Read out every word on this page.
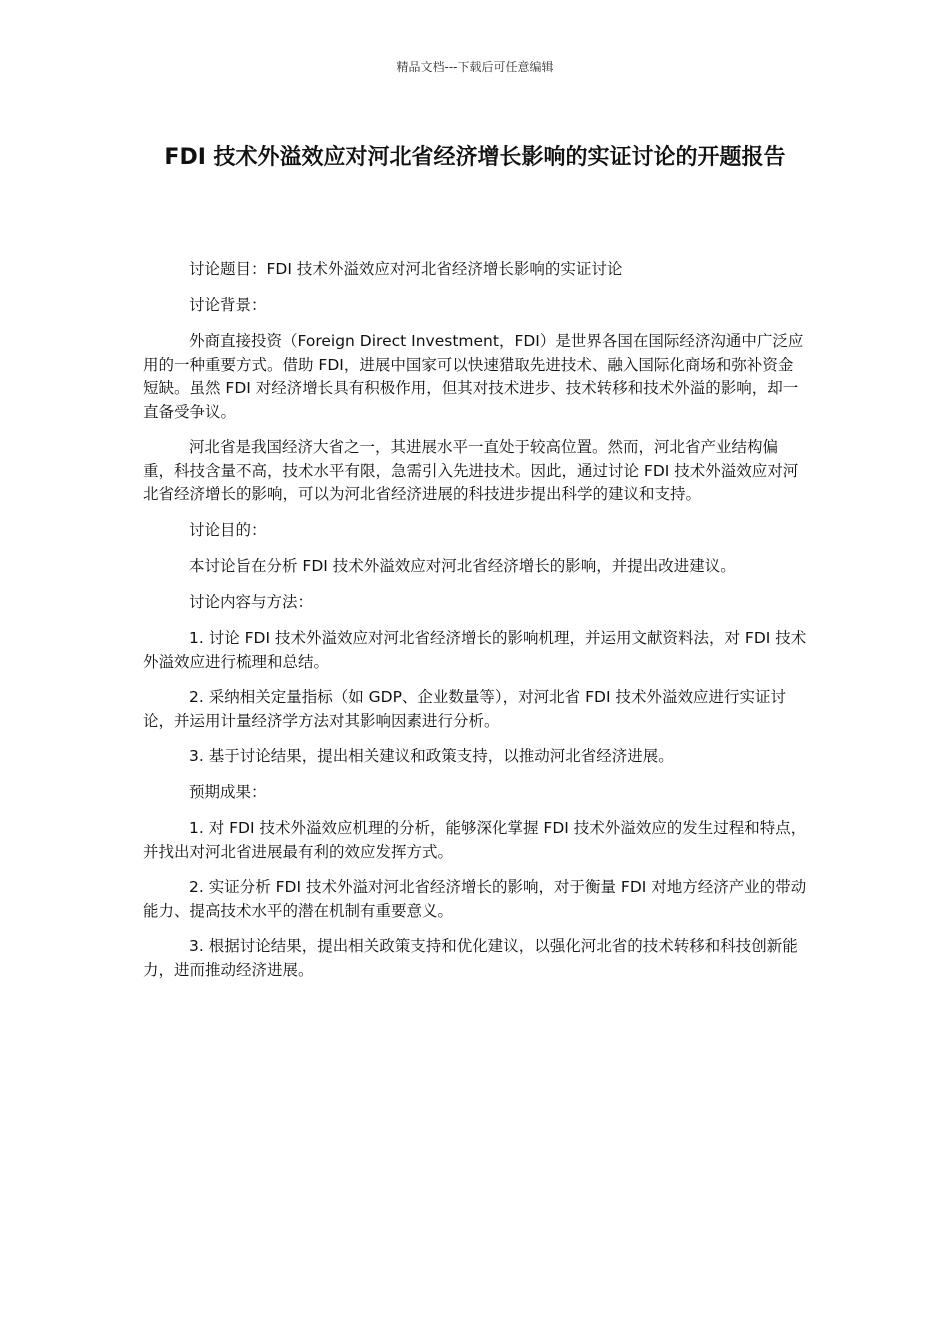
精品文档---下载后可任意编辑
FDI 技术外溢效应对河北省经济增长影响的实证讨论的开题报告

讨论题目：FDI 技术外溢效应对河北省经济增长影响的实证讨论

讨论背景：

外商直接投资（Foreign Direct Investment，FDI）是世界各国在国际经济沟通中广泛应用的一种重要方式。借助 FDI，进展中国家可以快速猎取先进技术、融入国际化商场和弥补资金短缺。虽然 FDI 对经济增长具有积极作用，但其对技术进步、技术转移和技术外溢的影响，却一直备受争议。

河北省是我国经济大省之一，其进展水平一直处于较高位置。然而，河北省产业结构偏重，科技含量不高，技术水平有限，急需引入先进技术。因此，通过讨论 FDI 技术外溢效应对河北省经济增长的影响，可以为河北省经济进展的科技进步提出科学的建议和支持。

讨论目的：

本讨论旨在分析 FDI 技术外溢效应对河北省经济增长的影响，并提出改进建议。

讨论内容与方法：

1. 讨论 FDI 技术外溢效应对河北省经济增长的影响机理，并运用文献资料法，对 FDI 技术外溢效应进行梳理和总结。

2. 采纳相关定量指标（如 GDP、企业数量等），对河北省 FDI 技术外溢效应进行实证讨论，并运用计量经济学方法对其影响因素进行分析。

3. 基于讨论结果，提出相关建议和政策支持，以推动河北省经济进展。

预期成果：

1. 对 FDI 技术外溢效应机理的分析，能够深化掌握 FDI 技术外溢效应的发生过程和特点，并找出对河北省进展最有利的效应发挥方式。

2. 实证分析 FDI 技术外溢对河北省经济增长的影响，对于衡量 FDI 对地方经济产业的带动能力、提高技术水平的潜在机制有重要意义。

3. 根据讨论结果，提出相关政策支持和优化建议，以强化河北省的技术转移和科技创新能力，进而推动经济进展。
